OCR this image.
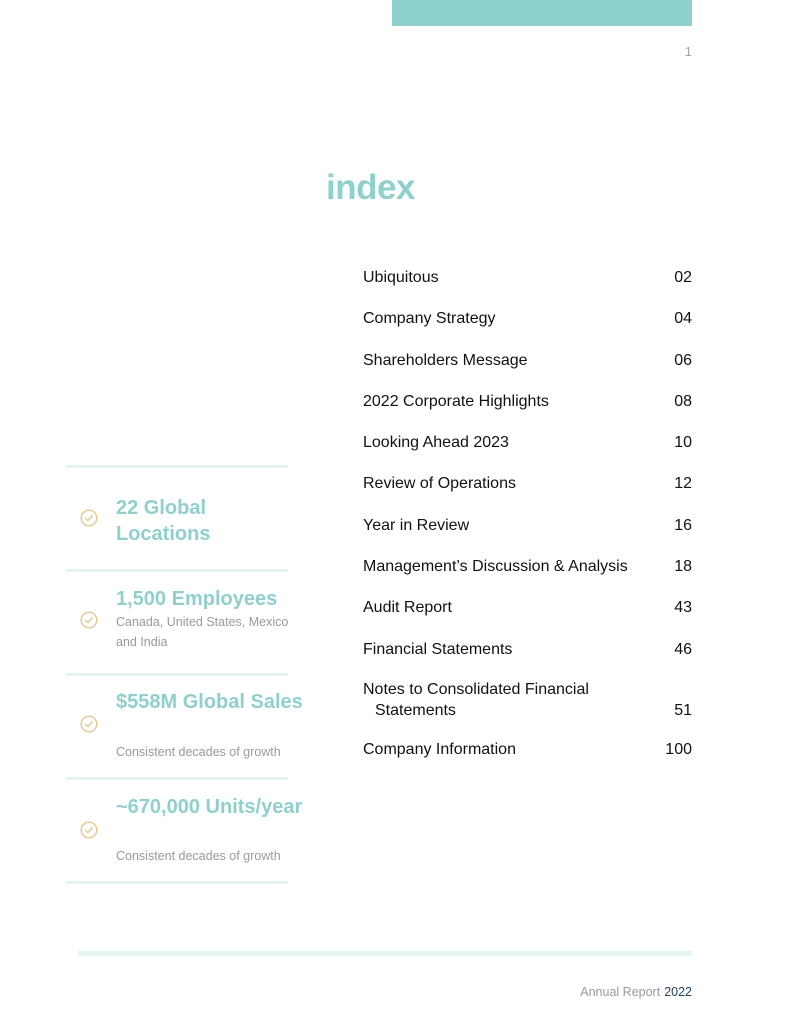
1
index
Ubiquitous	02
Company Strategy	04
Shareholders Message	06
2022 Corporate Highlights	08
Looking Ahead 2023	10
Review of Operations	12
Year in Review	16
Management’s Discussion & Analysis	18
Audit Report	43
Financial Statements	46
Notes to Consolidated Financial
Statements	51
Company Information	100
22 Global Locations
1,500 Employees
Canada, United States, Mexico and India
$558M Global Sales
Consistent decades of growth
~670,000 Units/year
Consistent decades of growth
Annual Report 2022
